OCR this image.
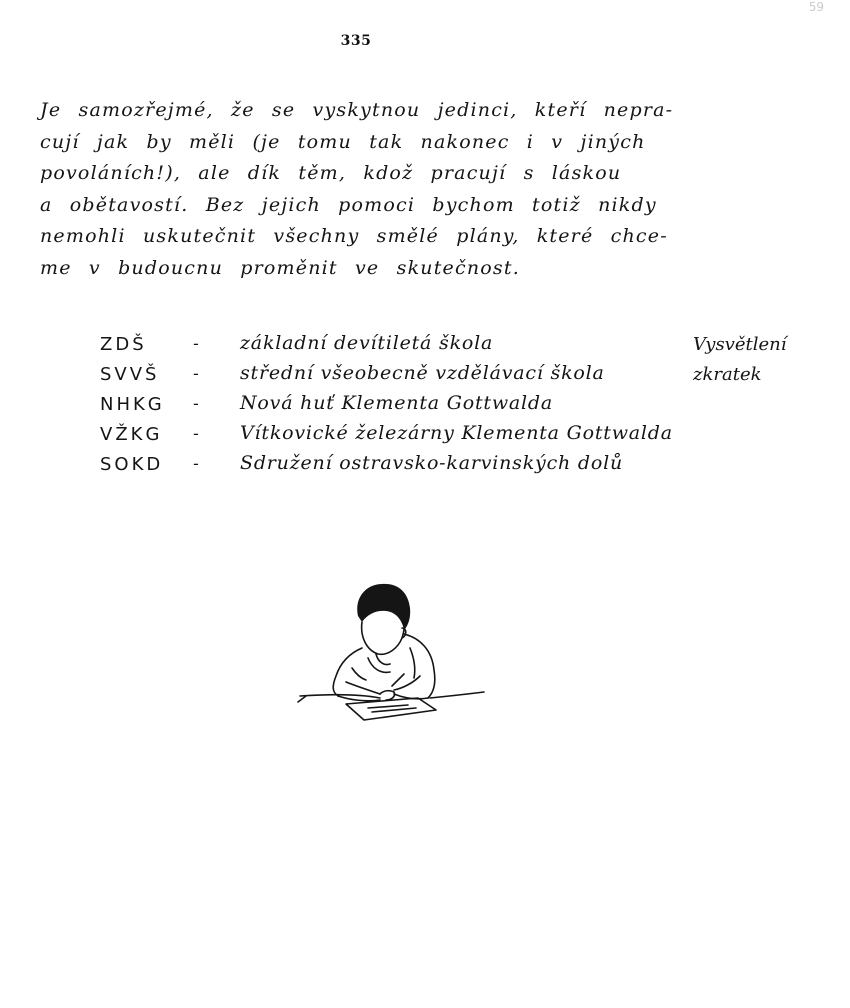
59
335
Je samozřejmé, že se vyskytnou jedinci, kteří nepra-
cují jak by měli (je tomu tak nakonec i v jiných
povoláních!), ale dík těm, kdož pracují s láskou
a obětavostí. Bez jejich pomoci bychom totiž nikdy
nemohli uskutečnit všechny smělé plány, které chce-
me v budoucnu proměnit ve skutečnost.
ZDŠ	- základní devítiletá škola
SVVŠ - střední všeobecně vzdělávací škola
NHKG - Nová huť Klementa Gottwalda
VŽKG - Vítkovické železárny Klementa Gottwalda
SOKD - Sdružení ostravsko-karvinských dolů
Vysvětlení
zkratek
